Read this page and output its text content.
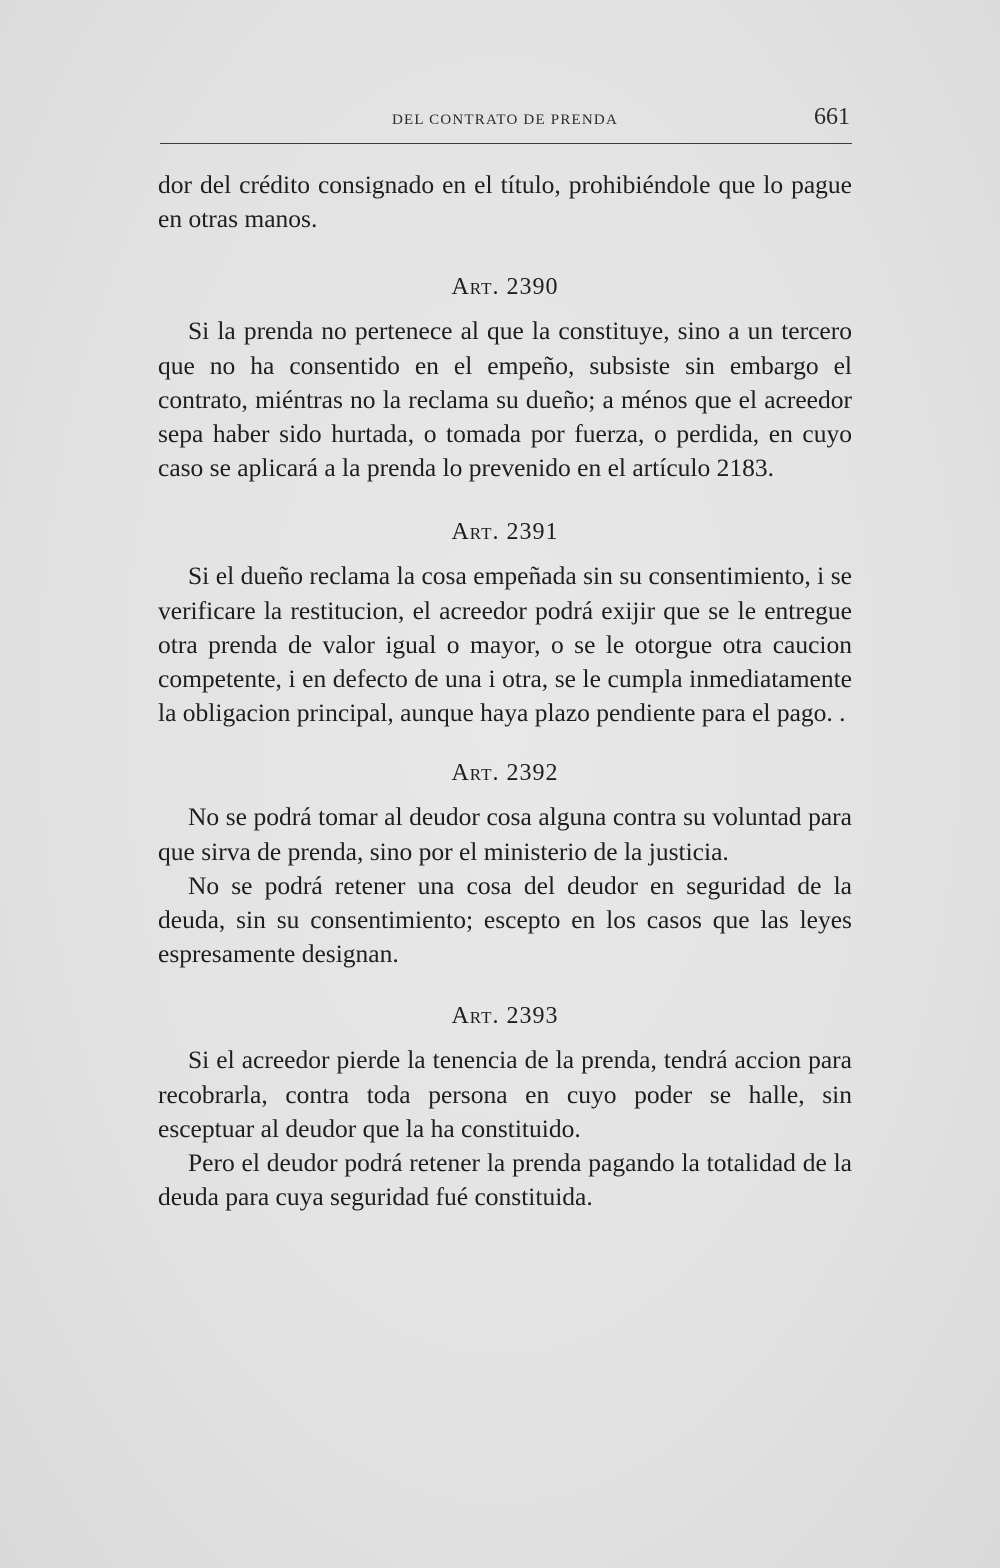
DEL CONTRATO DE PRENDA	661

dor del crédito consignado en el título, prohibiéndole que lo pague en otras manos.

Art. 2390

Si la prenda no pertenece al que la constituye, sino a un tercero que no ha consentido en el empeño, subsiste sin embargo el contrato, miéntras no la reclama su dueño; a ménos que el acreedor sepa haber sido hurtada, o tomada por fuerza, o perdida, en cuyo caso se aplicará a la prenda lo prevenido en el artículo 2183.

Art. 2391

Si el dueño reclama la cosa empeñada sin su consentimiento, i se verificare la restitucion, el acreedor podrá exijir que se le entregue otra prenda de valor igual o mayor, o se le otorgue otra caucion competente, i en defecto de una i otra, se le cumpla inmediatamente la obligacion principal, aunque haya plazo pendiente para el pago. .

Art. 2392

No se podrá tomar al deudor cosa alguna contra su voluntad para que sirva de prenda, sino por el ministerio de la justicia.

No se podrá retener una cosa del deudor en seguridad de la deuda, sin su consentimiento; escepto en los casos que las leyes espresamente designan.

Art. 2393

Si el acreedor pierde la tenencia de la prenda, tendrá accion para recobrarla, contra toda persona en cuyo poder se halle, sin esceptuar al deudor que la ha constituido.

Pero el deudor podrá retener la prenda pagando la totalidad de la deuda para cuya seguridad fué constituida.
